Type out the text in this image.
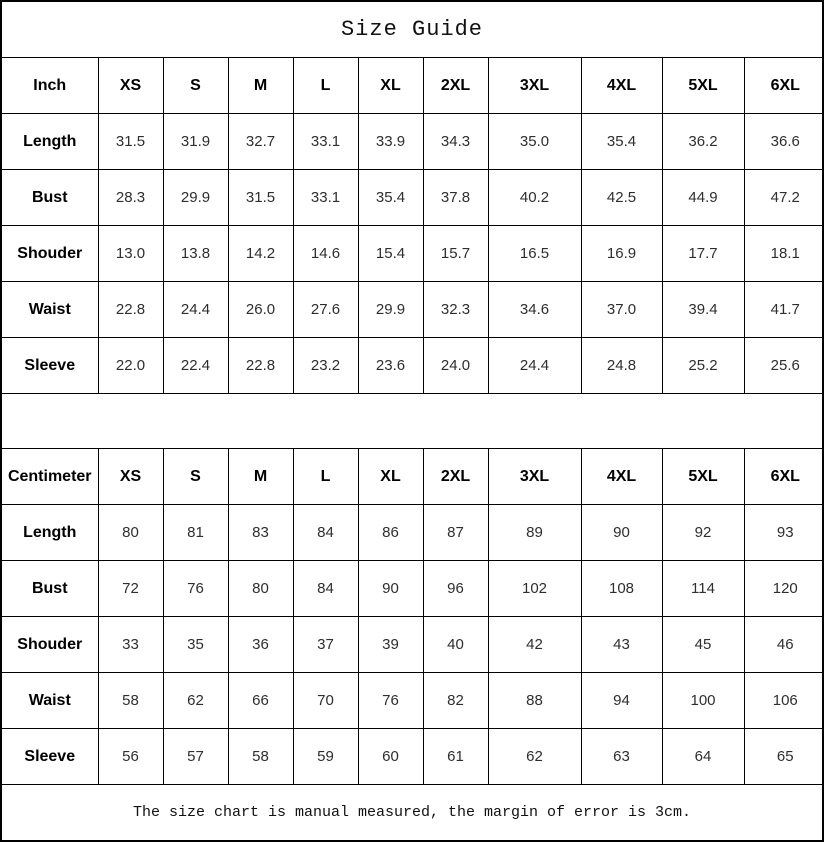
Size Guide
Inch	XS	S	M	L	XL	2XL	3XL	4XL	5XL	6XL
Length	31.5	31.9	32.7	33.1	33.9	34.3	35.0	35.4	36.2	36.6
Bust	28.3	29.9	31.5	33.1	35.4	37.8	40.2	42.5	44.9	47.2
Shouder	13.0	13.8	14.2	14.6	15.4	15.7	16.5	16.9	17.7	18.1
Waist	22.8	24.4	26.0	27.6	29.9	32.3	34.6	37.0	39.4	41.7
Sleeve	22.0	22.4	22.8	23.2	23.6	24.0	24.4	24.8	25.2	25.6
Centimeter	XS	S	M	L	XL	2XL	3XL	4XL	5XL	6XL
Length	80	81	83	84	86	87	89	90	92	93
Bust	72	76	80	84	90	96	102	108	114	120
Shouder	33	35	36	37	39	40	42	43	45	46
Waist	58	62	66	70	76	82	88	94	100	106
Sleeve	56	57	58	59	60	61	62	63	64	65
The size chart is manual measured, the margin of error is 3cm.
